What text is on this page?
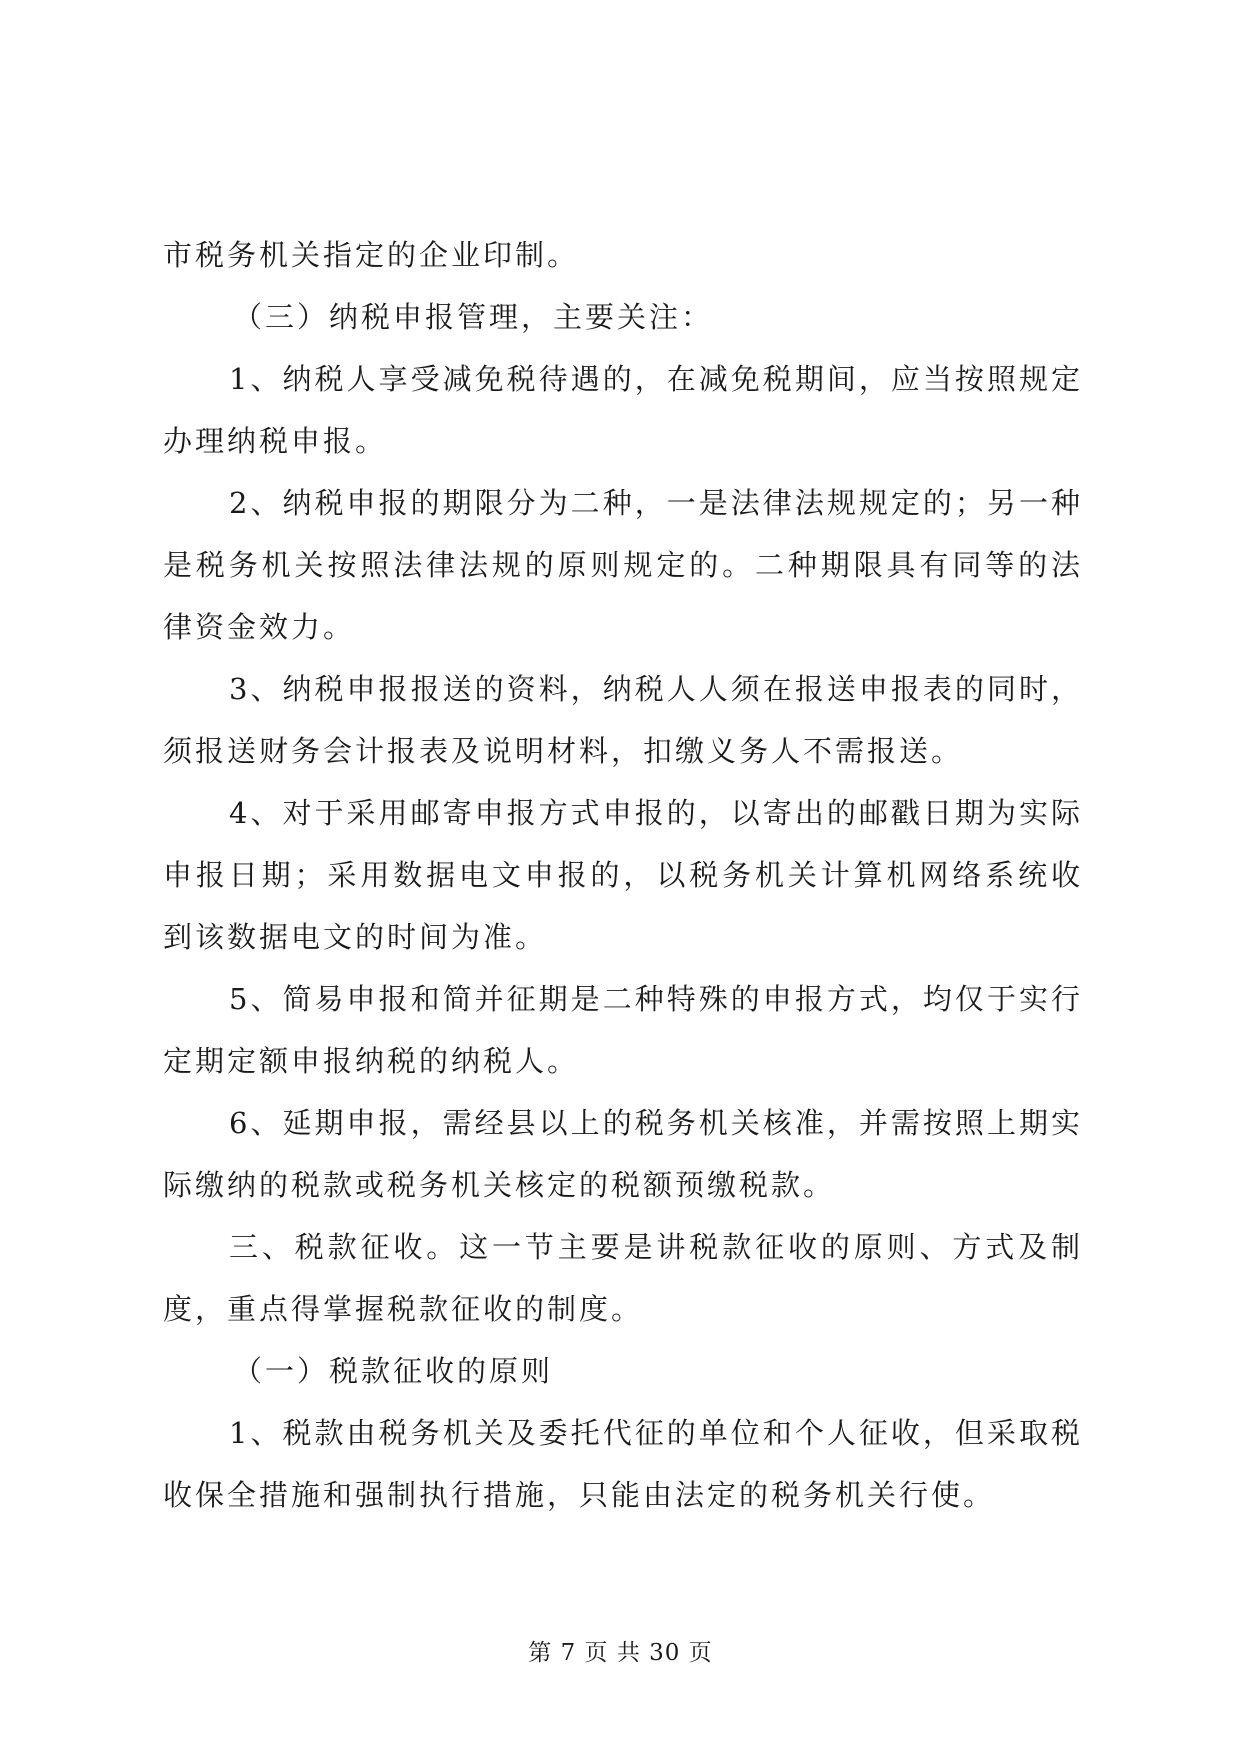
市税务机关指定的企业印制。

（三）纳税申报管理，主要关注：

1、纳税人享受减免税待遇的，在减免税期间，应当按照规定办理纳税申报。

2、纳税申报的期限分为二种，一是法律法规规定的；另一种是税务机关按照法律法规的原则规定的。二种期限具有同等的法律资金效力。

3、纳税申报报送的资料，纳税人人须在报送申报表的同时，须报送财务会计报表及说明材料，扣缴义务人不需报送。

4、对于采用邮寄申报方式申报的，以寄出的邮戳日期为实际申报日期；采用数据电文申报的，以税务机关计算机网络系统收到该数据电文的时间为准。

5、简易申报和简并征期是二种特殊的申报方式，均仅于实行定期定额申报纳税的纳税人。

6、延期申报，需经县以上的税务机关核准，并需按照上期实际缴纳的税款或税务机关核定的税额预缴税款。

三、税款征收。这一节主要是讲税款征收的原则、方式及制度，重点得掌握税款征收的制度。

（一）税款征收的原则

1、税款由税务机关及委托代征的单位和个人征收，但采取税收保全措施和强制执行措施，只能由法定的税务机关行使。

第 7 页 共 30 页
